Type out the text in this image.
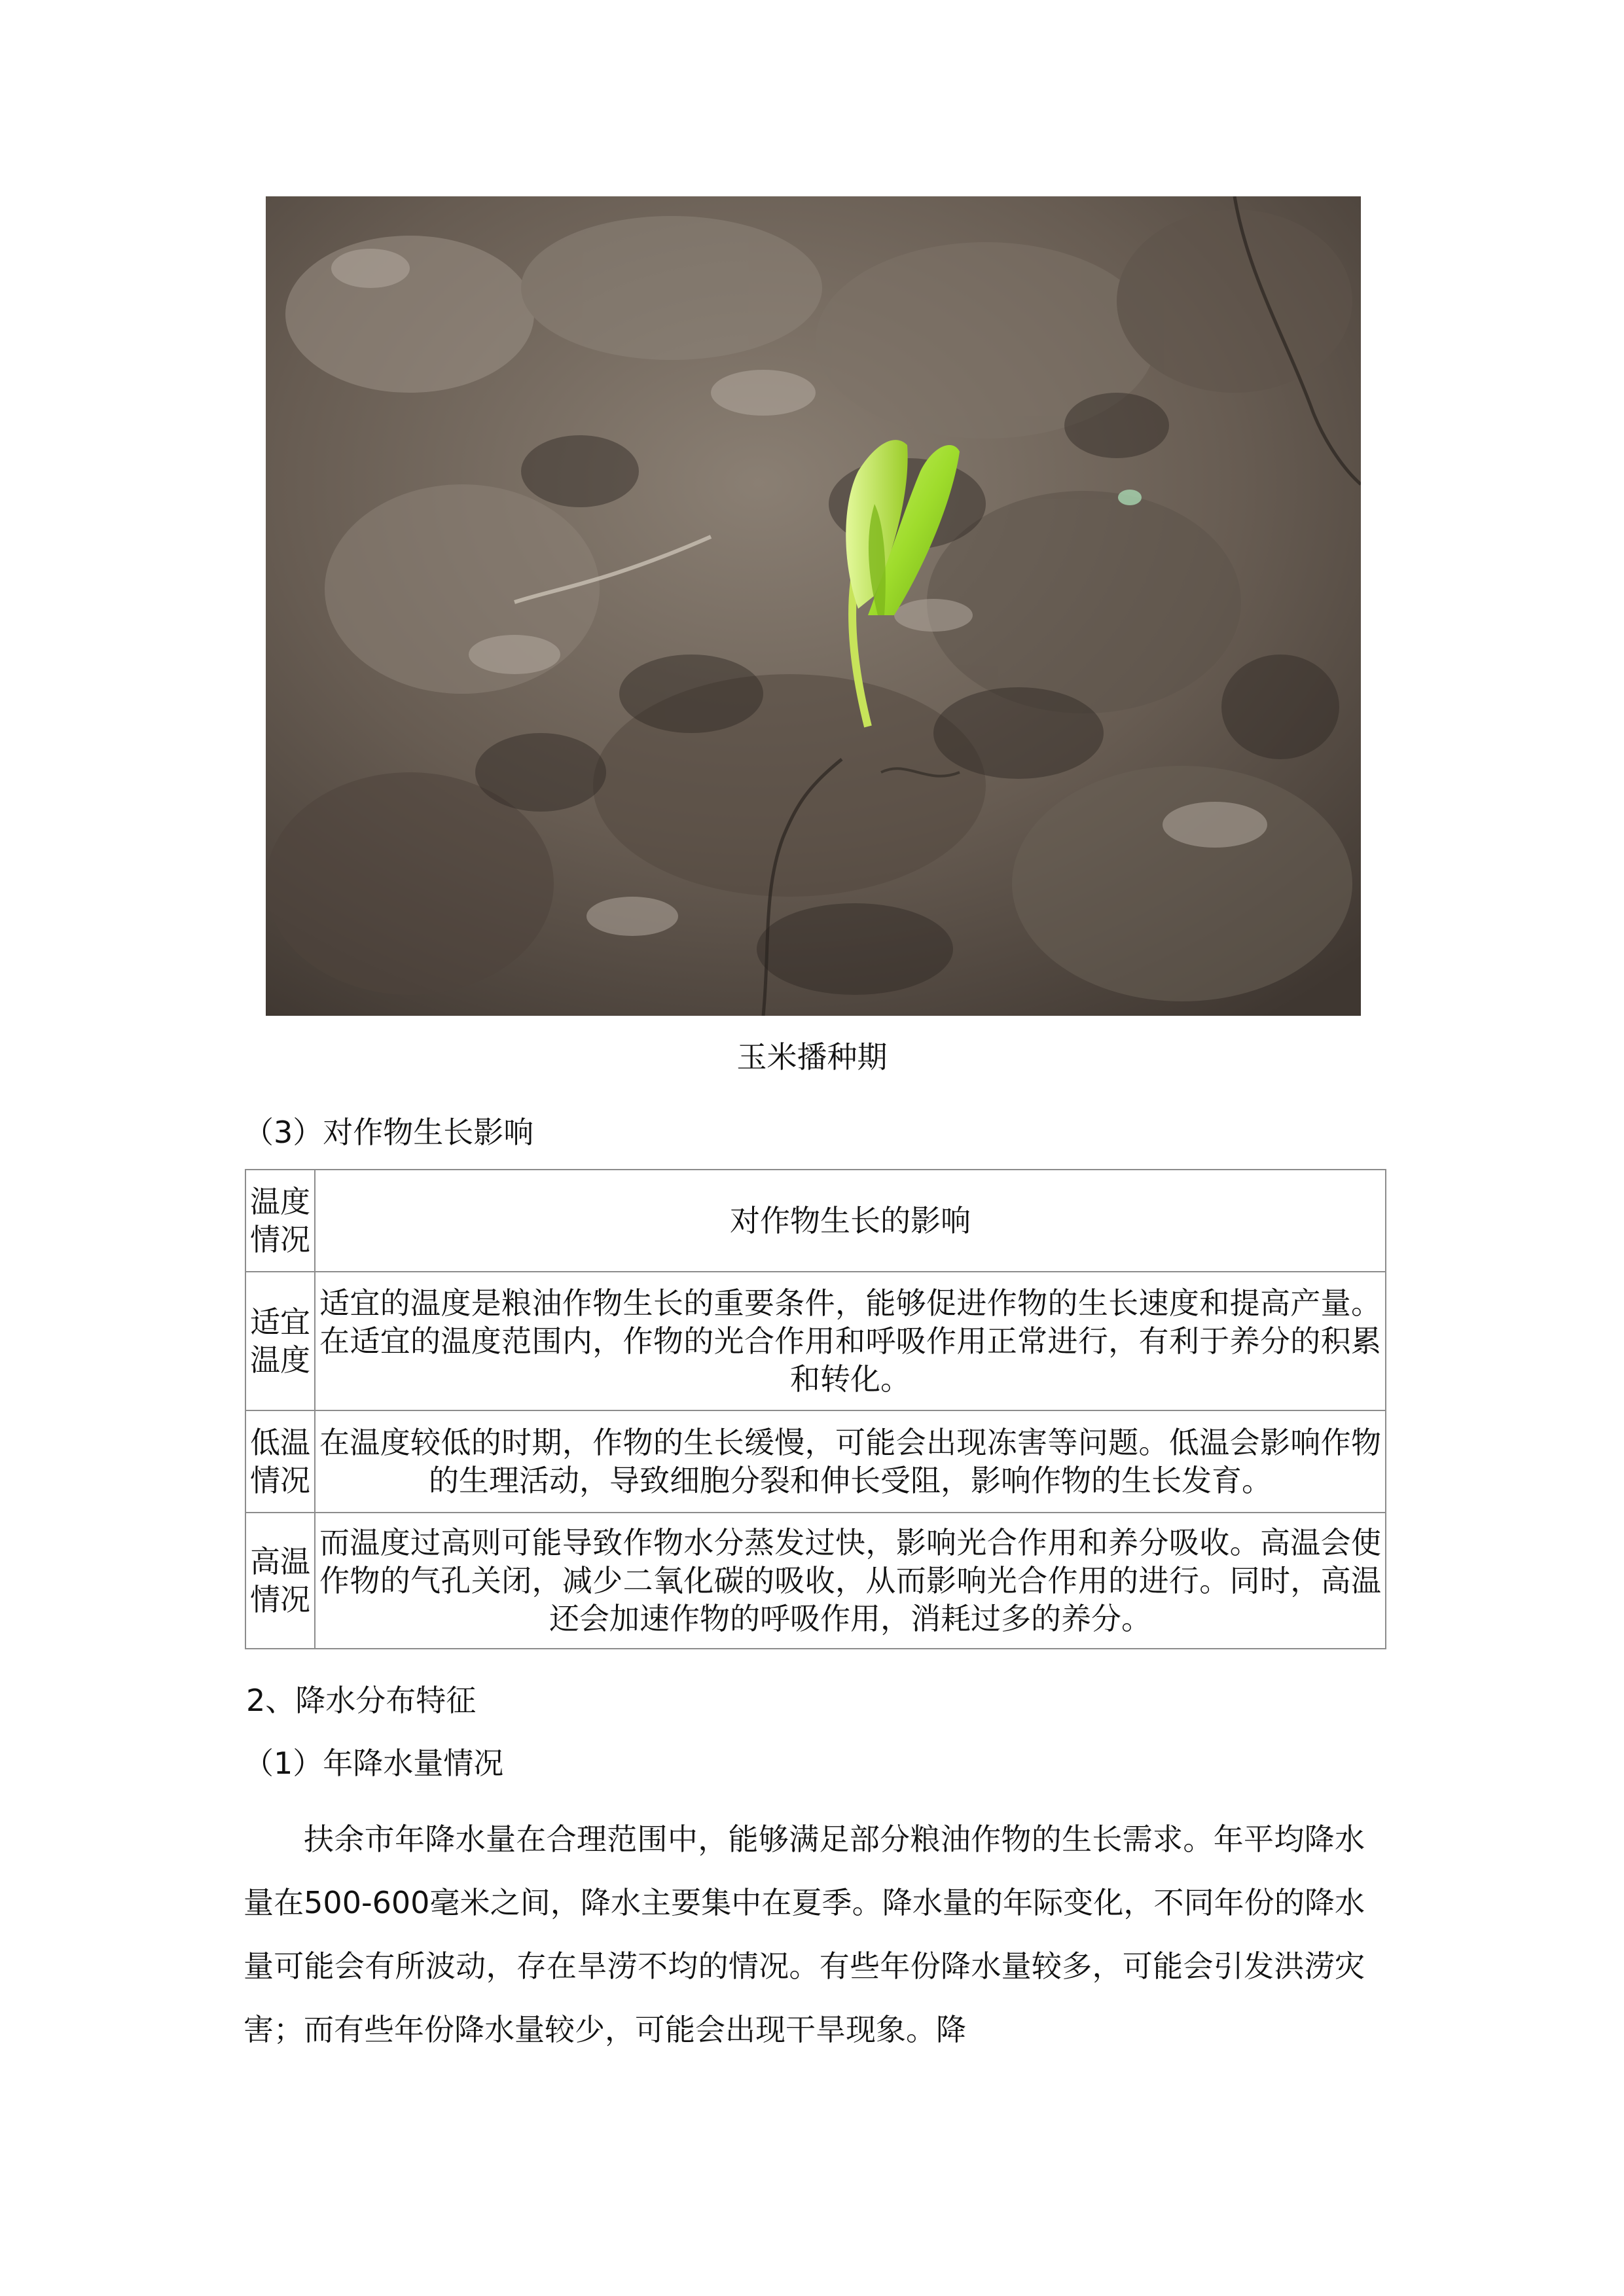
玉米播种期
（3）对作物生长影响
温度情况	对作物生长的影响
适宜温度	适宜的温度是粮油作物生长的重要条件，能够促进作物的生长速度和提高产量。在适宜的温度范围内，作物的光合作用和呼吸作用正常进行，有利于养分的积累和转化。
低温情况	在温度较低的时期，作物的生长缓慢，可能会出现冻害等问题。低温会影响作物的生理活动，导致细胞分裂和伸长受阻，影响作物的生长发育。
高温情况	而温度过高则可能导致作物水分蒸发过快，影响光合作用和养分吸收。高温会使作物的气孔关闭，减少二氧化碳的吸收，从而影响光合作用的进行。同时，高温还会加速作物的呼吸作用，消耗过多的养分。
2、降水分布特征
（1）年降水量情况

扶余市年降水量在合理范围中，能够满足部分粮油作物的生长需求。年平均降水量在500-600毫米之间，降水主要集中在夏季。降水量的年际变化，不同年份的降水量可能会有所波动，存在旱涝不均的情况。有些年份降水量较多，可能会引发洪涝灾害；而有些年份降水量较少，可能会出现干旱现象。降
